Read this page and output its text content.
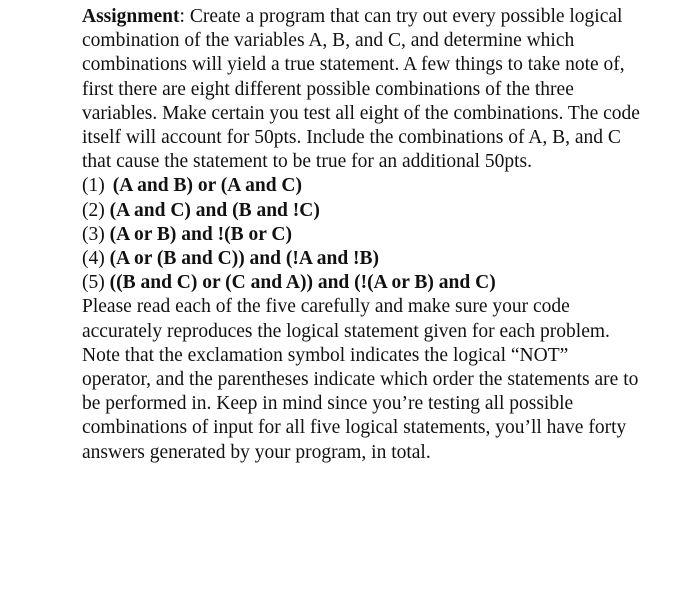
Assignment: Create a program that can try out every possible logical combination of the variables A, B, and C, and determine which combinations will yield a true statement. A few things to take note of, first there are eight different possible combinations of the three variables. Make certain you test all eight of the combinations. The code itself will account for 50pts. Include the combinations of A, B, and C that cause the statement to be true for an additional 50pts.

(1) (A and B) or (A and C)
(2) (A and C) and (B and !C)
(3) (A or B) and !(B or C)
(4) (A or (B and C)) and (!A and !B)
(5) ((B and C) or (C and A)) and (!(A or B) and C)

Please read each of the five carefully and make sure your code accurately reproduces the logical statement given for each problem. Note that the exclamation symbol indicates the logical “NOT” operator, and the parentheses indicate which order the statements are to be performed in. Keep in mind since you’re testing all possible combinations of input for all five logical statements, you’ll have forty answers generated by your program, in total.
